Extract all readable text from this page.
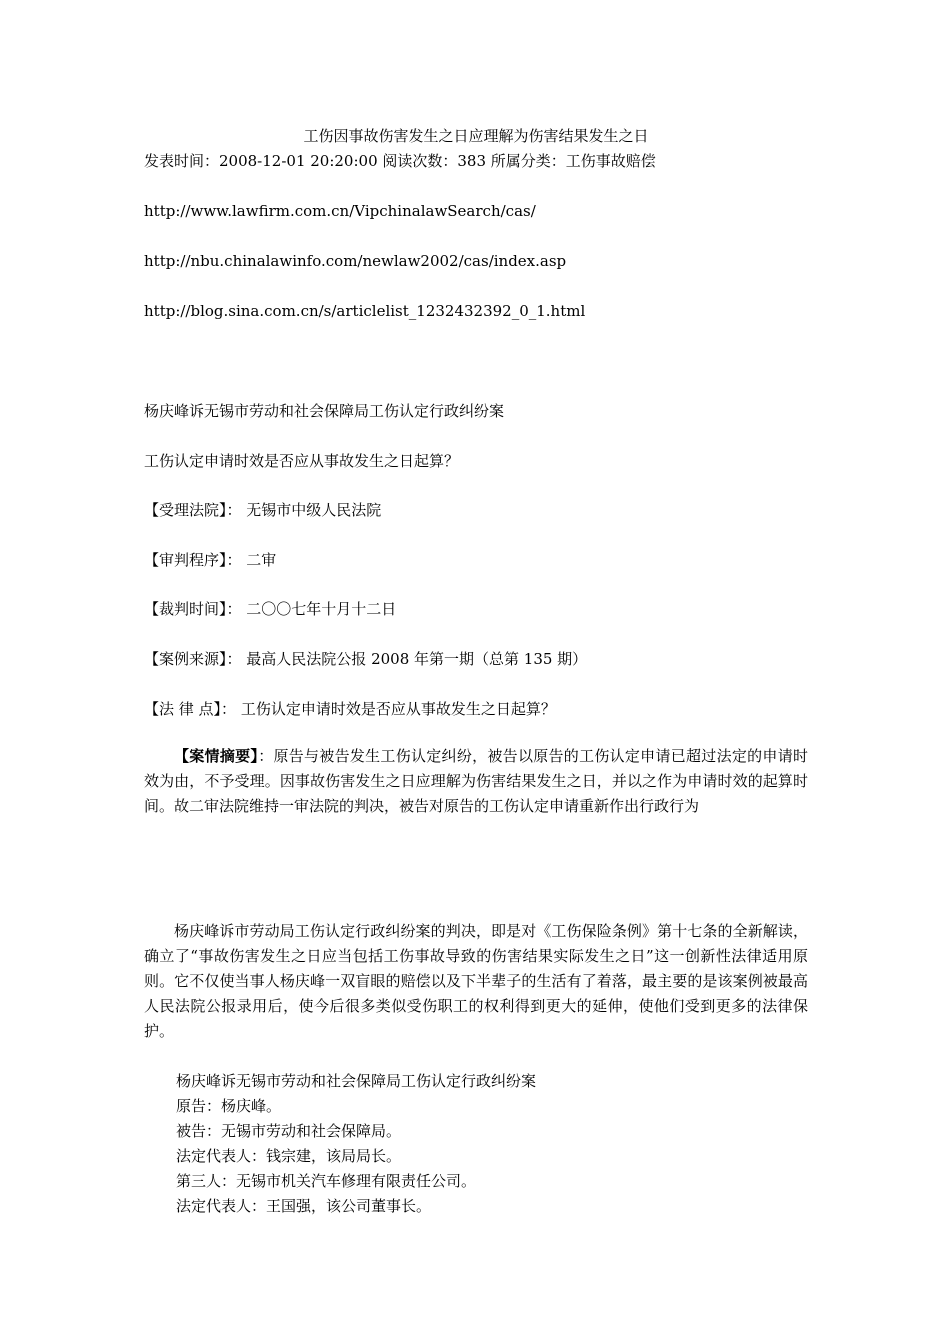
工伤因事故伤害发生之日应理解为伤害结果发生之日
发表时间：2008-12-01 20:20:00 阅读次数：383 所属分类：工伤事故赔偿
http://www.lawfirm.com.cn/VipchinalawSearch/cas/
http://nbu.chinalawinfo.com/newlaw2002/cas/index.asp
http://blog.sina.com.cn/s/articlelist_1232432392_0_1.html
杨庆峰诉无锡市劳动和社会保障局工伤认定行政纠纷案
工伤认定申请时效是否应从事故发生之日起算？
【受理法院】： 无锡市中级人民法院
【审判程序】： 二审
【裁判时间】： 二〇〇七年十月十二日
【案例来源】： 最高人民法院公报 2008 年第一期（总第 135 期）
【法 律 点】： 工伤认定申请时效是否应从事故发生之日起算？
【案情摘要】：原告与被告发生工伤认定纠纷，被告以原告的工伤认定申请已超过法定的申请时效为由，不予受理。因事故伤害发生之日应理解为伤害结果发生之日，并以之作为申请时效的起算时间。故二审法院维持一审法院的判决，被告对原告的工伤认定申请重新作出行政行为
杨庆峰诉市劳动局工伤认定行政纠纷案的判决，即是对《工伤保险条例》第十七条的全新解读，确立了“事故伤害发生之日应当包括工伤事故导致的伤害结果实际发生之日”这一创新性法律适用原则。它不仅使当事人杨庆峰一双盲眼的赔偿以及下半辈子的生活有了着落，最主要的是该案例被最高人民法院公报录用后，使今后很多类似受伤职工的权利得到更大的延伸，使他们受到更多的法律保护。
杨庆峰诉无锡市劳动和社会保障局工伤认定行政纠纷案
原告：杨庆峰。
被告：无锡市劳动和社会保障局。
法定代表人：钱宗建，该局局长。
第三人：无锡市机关汽车修理有限责任公司。
法定代表人：王国强，该公司董事长。
